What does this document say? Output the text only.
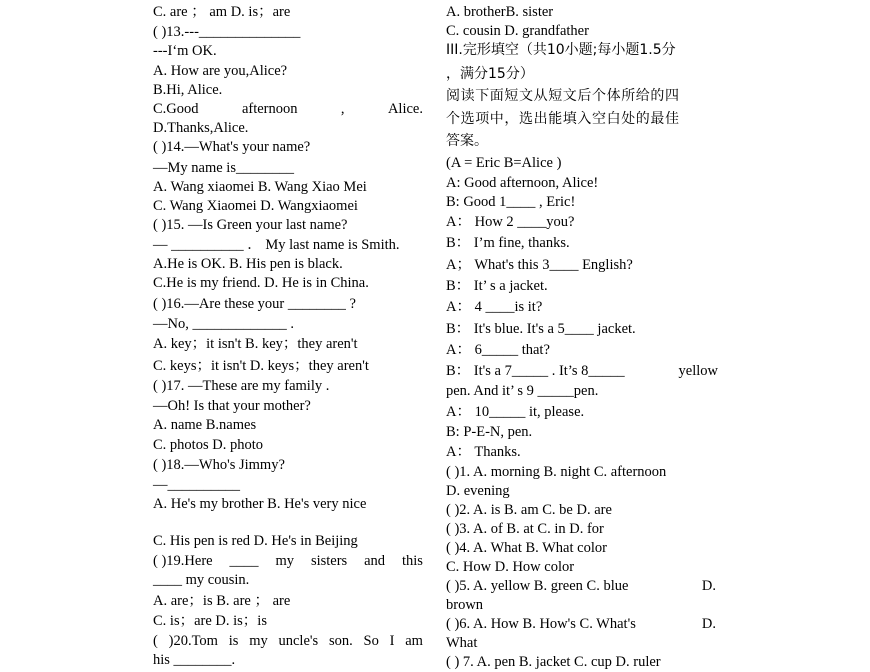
C. are ； am D. is；are
( )13.---______________
---I‘m OK.
A. How are you,Alice?
B.Hi, Alice.
C.Good	afternoon	,	Alice.
D.Thanks,Alice.
( )14.—What's your name?
—My name is________
A. Wang xiaomei B. Wang Xiao Mei
C. Wang Xiaomei D. Wangxiaomei
( )15. —Is Green your last name?
— __________ ． My last name is Smith.
A.He is OK. B. His pen is black.
C.He is my friend. D. He is in China.
( )16.—Are these your ________ ?
—No, _____________ .
A. key；it isn't B. key；they aren't
C. keys；it isn't D. keys；they aren't
( )17. —These are my family .
—Oh! Is that your mother?
A. name B.names
C. photos D. photo
( )18.—Who's Jimmy?
—__________
A. He's my brother B. He's very nice
C. His pen is red D. He's in Beijing
( )19.Here ____ my sisters and this
____ my cousin.
A. are；is B. are ； are
C. is；are D. is；is
( )20.Tom is my uncle's son. So I am
his ________.
A. brotherB. sister
C. cousin D. grandfather
III.完形填空（共10小题;每小题1.5分
，满分15分）
阅读下面短文从短文后个体所给的四
个选项中，选出能填入空白处的最佳
答案。
(A = Eric B=Alice )
A: Good afternoon, Alice!
B: Good 1____ , Eric!
A： How 2 ____you?
B： I’m fine, thanks.
A； What's this 3____ English?
B： It’ s a jacket.
A： 4 ____is it?
B： It's blue. It's a 5____ jacket.
A： 6_____ that?
B： It's a 7_____ . It’s 8_____	yellow
pen. And it’ s 9 _____pen.
A： 10_____ it, please.
B: P-E-N, pen.
A： Thanks.
( )1. A. morning B. night C. afternoon
D. evening
( )2. A. is B. am C. be D. are
( )3. A. of B. at C. in D. for
( )4. A. What B. What color
C. How D. How color
( )5. A. yellow B. green C. blue	D.
brown
( )6. A. How B. How's C. What's	D.
What
( ) 7. A. pen B. jacket C. cup D. ruler
